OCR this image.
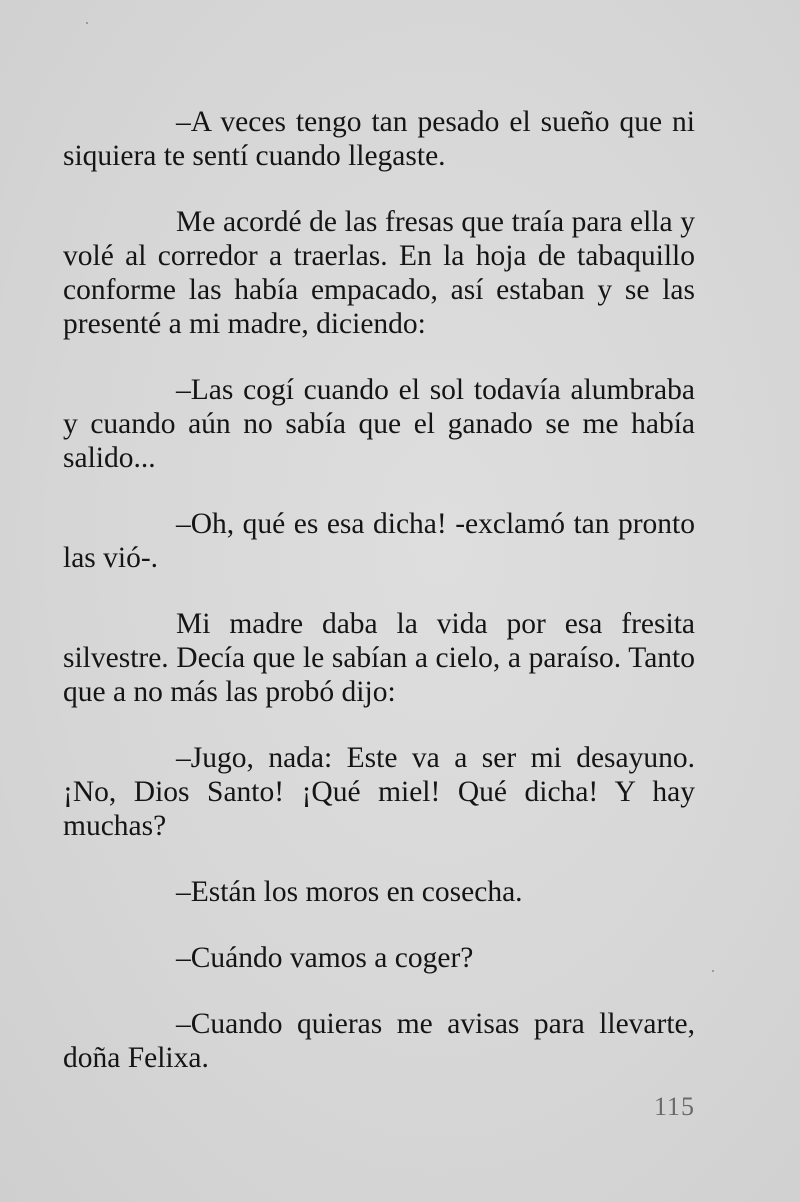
–A veces tengo tan pesado el sueño que ni siquiera te sentí cuando llegaste.

Me acordé de las fresas que traía para ella y volé al corredor a traerlas. En la hoja de tabaquillo conforme las había empacado, así estaban y se las presenté a mi madre, diciendo:

–Las cogí cuando el sol todavía alumbraba y cuando aún no sabía que el ganado se me había salido...

–Oh, qué es esa dicha! -exclamó tan pronto las vió-.

Mi madre daba la vida por esa fresita silvestre. Decía que le sabían a cielo, a paraíso. Tanto que a no más las probó dijo:

–Jugo, nada: Este va a ser mi desayuno. ¡No, Dios Santo! ¡Qué miel! Qué dicha! Y hay muchas?

–Están los moros en cosecha.

–Cuándo vamos a coger?

–Cuando quieras me avisas para llevarte, doña Felixa.

115
